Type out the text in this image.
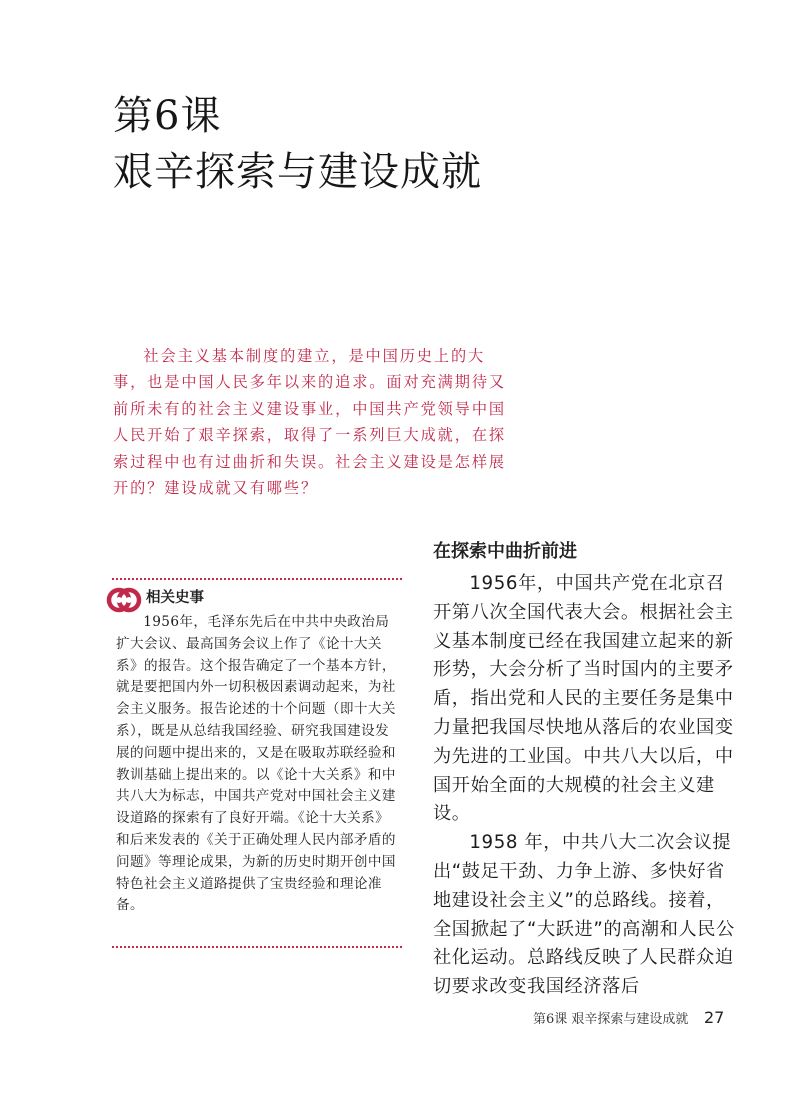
第6课
艰辛探索与建设成就

社会主义基本制度的建立，是中国历史上的大事，也是中国人民多年以来的追求。面对充满期待又前所未有的社会主义建设事业，中国共产党领导中国人民开始了艰辛探索，取得了一系列巨大成就，在探索过程中也有过曲折和失误。社会主义建设是怎样展开的？建设成就又有哪些？

相关史事

1956年，毛泽东先后在中共中央政治局扩大会议、最高国务会议上作了《论十大关系》的报告。这个报告确定了一个基本方针，就是要把国内外一切积极因素调动起来，为社会主义服务。报告论述的十个问题（即十大关系），既是从总结我国经验、研究我国建设发展的问题中提出来的，又是在吸取苏联经验和教训基础上提出来的。以《论十大关系》和中共八大为标志，中国共产党对中国社会主义建设道路的探索有了良好开端。《论十大关系》和后来发表的《关于正确处理人民内部矛盾的问题》等理论成果，为新的历史时期开创中国特色社会主义道路提供了宝贵经验和理论准备。

在探索中曲折前进

1956年，中国共产党在北京召开第八次全国代表大会。根据社会主义基本制度已经在我国建立起来的新形势，大会分析了当时国内的主要矛盾，指出党和人民的主要任务是集中力量把我国尽快地从落后的农业国变为先进的工业国。中共八大以后，中国开始全面的大规模的社会主义建设。

1958 年，中共八大二次会议提出“鼓足干劲、力争上游、多快好省地建设社会主义”的总路线。接着，全国掀起了“大跃进”的高潮和人民公社化运动。总路线反映了人民群众迫切要求改变我国经济落后

第6课 艰辛探索与建设成就 27
